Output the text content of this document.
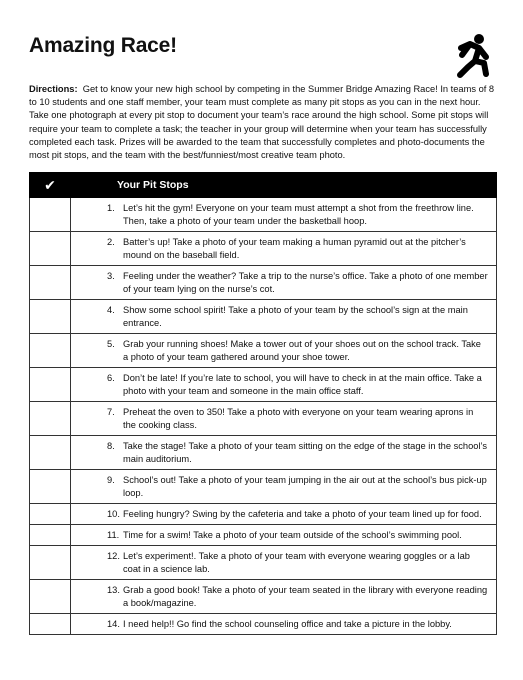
Amazing Race!

Directions: Get to know your new high school by competing in the Summer Bridge Amazing Race! In teams of 8 to 10 students and one staff member, your team must complete as many pit stops as you can in the next hour. Take one photograph at every pit stop to document your team’s race around the high school. Some pit stops will require your team to complete a task; the teacher in your group will determine when your team has successfully completed each task. Prizes will be awarded to the team that successfully completes and photo-documents the most pit stops, and the team with the best/funniest/most creative team photo.

✔	Your Pit Stops

	1. Let’s hit the gym! Everyone on your team must attempt a shot from the freethrow line. Then, take a photo of your team under the basketball hoop.

	2. Batter’s up! Take a photo of your team making a human pyramid out at the pitcher’s mound on the baseball field.

	3. Feeling under the weather? Take a trip to the nurse’s office. Take a photo of one member of your team lying on the nurse’s cot.

	4. Show some school spirit! Take a photo of your team by the school’s sign at the main entrance.

	5. Grab your running shoes! Make a tower out of your shoes out on the school track. Take a photo of your team gathered around your shoe tower.

	6. Don’t be late! If you’re late to school, you will have to check in at the main office. Take a photo with your team and someone in the main office staff.

	7. Preheat the oven to 350! Take a photo with everyone on your team wearing aprons in the cooking class.

	8. Take the stage! Take a photo of your team sitting on the edge of the stage in the school’s main auditorium.

	9. School’s out! Take a photo of your team jumping in the air out at the school’s bus pick-up loop.

	10. Feeling hungry? Swing by the cafeteria and take a photo of your team lined up for food.

	11. Time for a swim! Take a photo of your team outside of the school’s swimming pool.

	12. Let’s experiment!. Take a photo of your team with everyone wearing goggles or a lab coat in a science lab.

	13. Grab a good book! Take a photo of your team seated in the library with everyone reading a book/magazine.

	14. I need help!! Go find the school counseling office and take a picture in the lobby.
